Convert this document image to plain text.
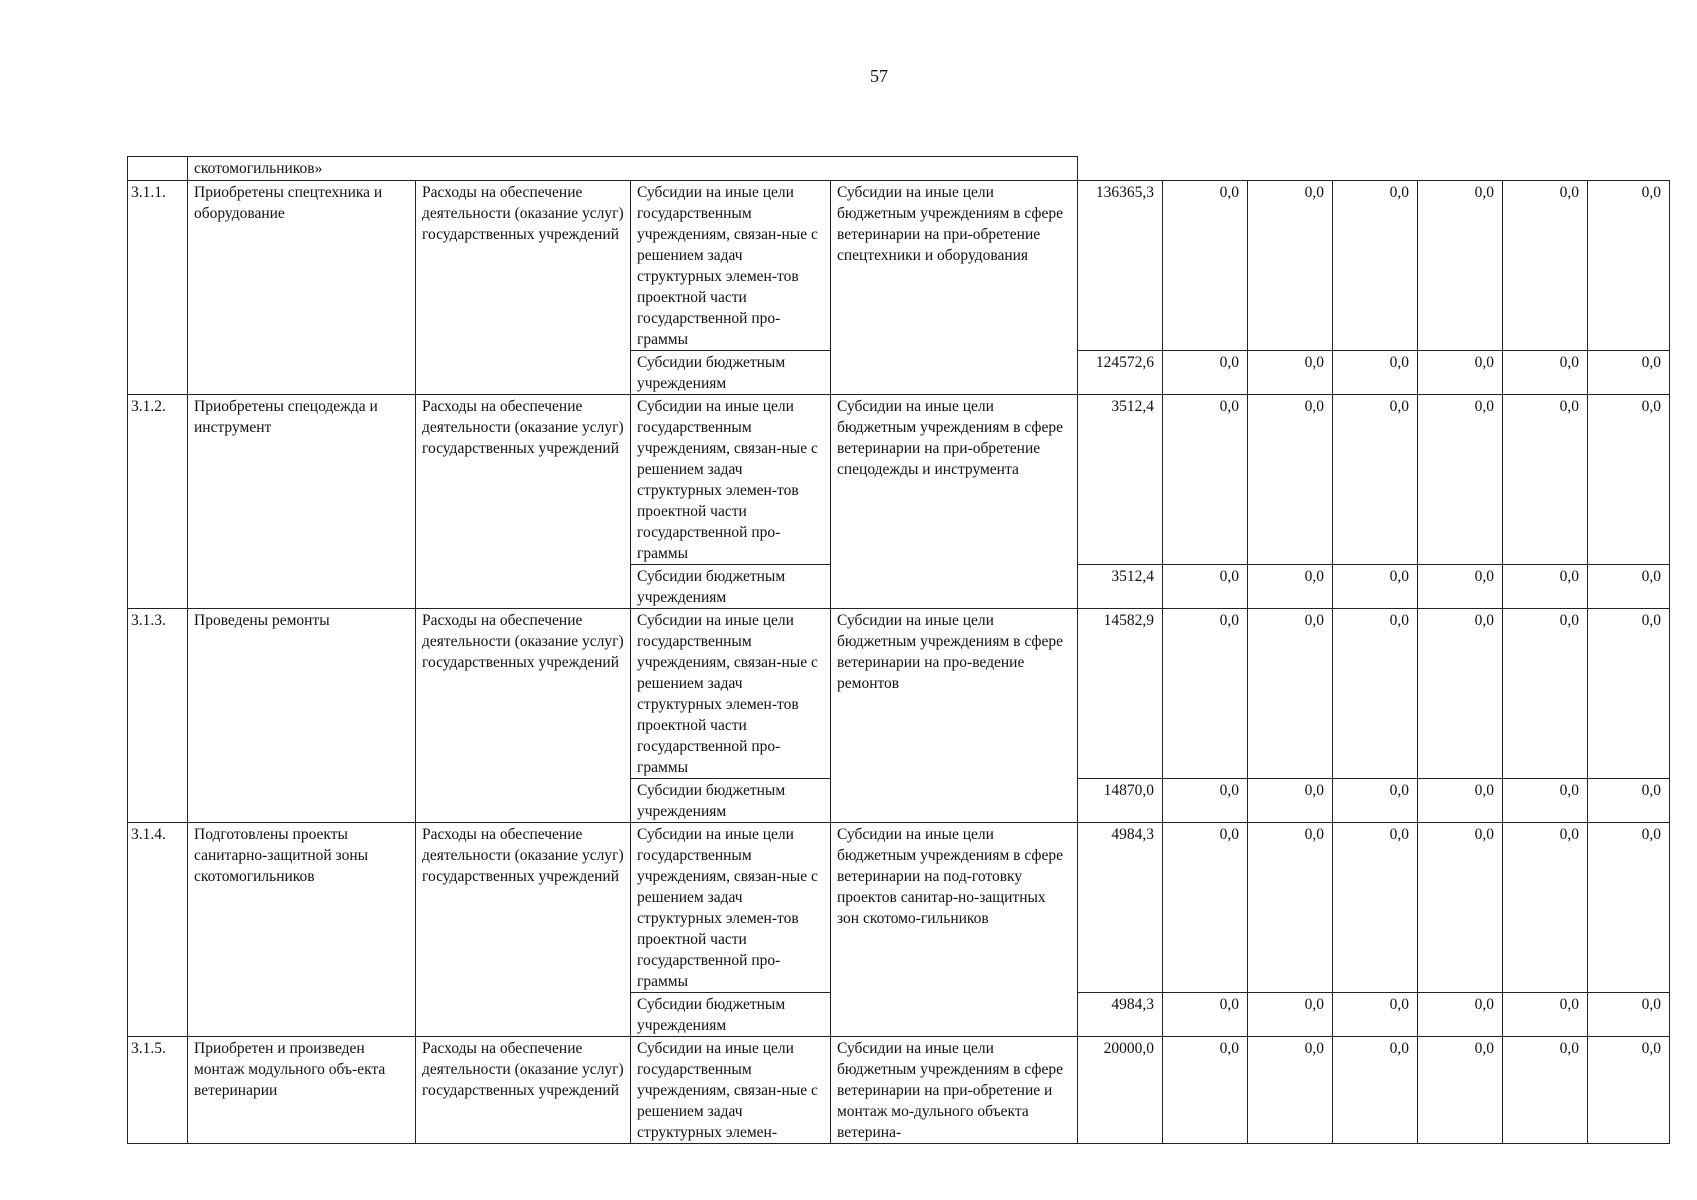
57
	скотомогильников»										
3.1.1.	Приобретены спецтехника и оборудование	Расходы на обеспечение деятельности (оказание услуг) государственных учреждений	Субсидии на иные цели государственным учреждениям, связан-ные с решением задач структурных элемен-тов проектной части государственной про-граммы	Субсидии на иные цели бюджетным учреждениям в сфере ветеринарии на при-обретение спецтехники и оборудования	136365,3	0,0	0,0	0,0	0,0	0,0	0,0
			Субсидии бюджетным учреждениям		124572,6	0,0	0,0	0,0	0,0	0,0	0,0
3.1.2.	Приобретены спецодежда и инструмент	Расходы на обеспечение деятельности (оказание услуг) государственных учреждений	Субсидии на иные цели государственным учреждениям, связан-ные с решением задач структурных элемен-тов проектной части государственной про-граммы	Субсидии на иные цели бюджетным учреждениям в сфере ветеринарии на при-обретение спецодежды и инструмента	3512,4	0,0	0,0	0,0	0,0	0,0	0,0
			Субсидии бюджетным учреждениям		3512,4	0,0	0,0	0,0	0,0	0,0	0,0
3.1.3.	Проведены ремонты	Расходы на обеспечение деятельности (оказание услуг) государственных учреждений	Субсидии на иные цели государственным учреждениям, связан-ные с решением задач структурных элемен-тов проектной части государственной про-граммы	Субсидии на иные цели бюджетным учреждениям в сфере ветеринарии на про-ведение ремонтов	14582,9	0,0	0,0	0,0	0,0	0,0	0,0
			Субсидии бюджетным учреждениям		14870,0	0,0	0,0	0,0	0,0	0,0	0,0
3.1.4.	Подготовлены проекты санитарно-защитной зоны скотомогильников	Расходы на обеспечение деятельности (оказание услуг) государственных учреждений	Субсидии на иные цели государственным учреждениям, связан-ные с решением задач структурных элемен-тов проектной части государственной про-граммы	Субсидии на иные цели бюджетным учреждениям в сфере ветеринарии на под-готовку проектов санитар-но-защитных зон скотомо-гильников	4984,3	0,0	0,0	0,0	0,0	0,0	0,0
			Субсидии бюджетным учреждениям		4984,3	0,0	0,0	0,0	0,0	0,0	0,0
3.1.5.	Приобретен и произведен монтаж модульного объ-екта ветеринарии	Расходы на обеспечение деятельности (оказание услуг) государственных учреждений	Субсидии на иные цели государственным учреждениям, связан-ные с решением задач структурных элемен-	Субсидии на иные цели бюджетным учреждениям в сфере ветеринарии на при-обретение и монтаж мо-дульного объекта ветерина-	20000,0	0,0	0,0	0,0	0,0	0,0	0,0
